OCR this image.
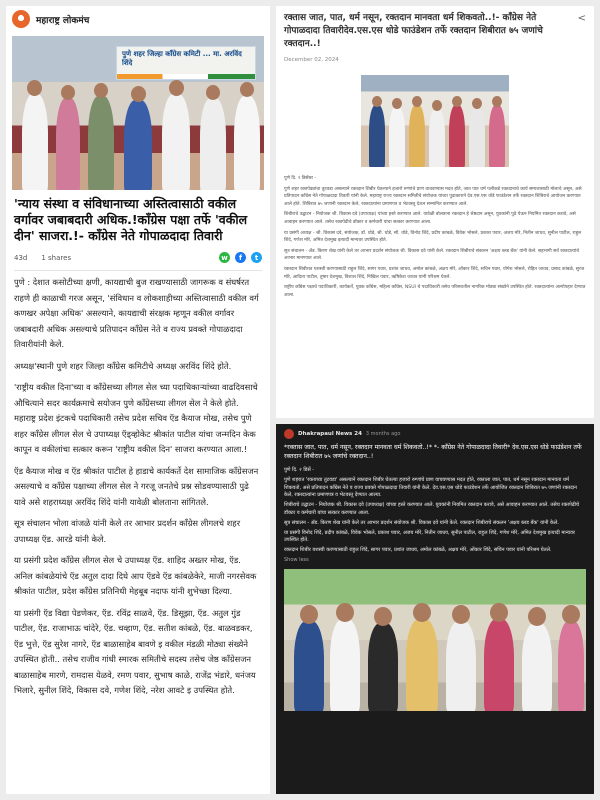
महाराष्ट्र लोकमंच
पुणे शहर जिल्हा काँग्रेस कमिटी ... मा. अरविंद शिंदे
'न्याय संस्था व संविधानाच्या अस्तित्वासाठी वकील वर्गावर जबाबदारी अधिक.!काँग्रेस पक्षा तर्फे 'वकील दीन' साजरा.!- काँग्रेस नेते गोपाळदादा तिवारी
43d 1 shares	w	f	t

पुणे : देशात कसोटीच्या क्षणी, कायद्याची बुज राखण्यासाठी जागरूक व संघर्षरत राहणे ही काळाची गरज असून, 'संविधान व लोकशाहीच्या अस्तित्वासाठी वकील वर्ग कणखर अपेक्षा अधिक' असल्याने, कायद्याची संरक्षक म्हणून वकील वर्गावर जबाबदारी अधिक असल्याचे प्रतिपादन काँग्रेस नेते व राज्य प्रवक्ते गोपाळदादा तिवारीयांनी केले.

अध्यक्ष'स्थानी पुणे शहर जिल्हा काँग्रेस कमिटीचे अध्यक्ष अरविंद शिंदे होते.

'राष्ट्रीय वकील दिना'च्या व काँग्रेसच्या लीगल सेल च्या पदाधिकाऱ्यांच्या वाढदिवसाचे औचित्याने सदर कार्यक्रमाचे सयोजन पुणे काँग्रेसच्या लीगल सेल ने केले होते. महाराष्ट्र प्रदेश इंटकचे पदाधिकारी तसेच प्रदेश सचिव ऍड कैयाज मोख, तसेच पुणे शहर काँग्रेस लीगल सेल चे उपाध्यक्ष ऍड्व्होकेट श्रीकांत पाटील यांचा जन्मदिन केक कापून व वकीलांचा सत्कार करून 'राष्ट्रीय वकील दिन' साजरा करण्यात आला.!

ऍड कैयाज मोख व ऍड श्रीकांत पाटील हे हाडाचे कार्यकर्ते देश सामाजिक कॉंग्रेसजन असल्याचे व कॉंग्रेस पक्षाच्या लीगल सेल ने गरजू जनतेचे प्रश्न सोडवण्यासाठी पुढे यावे असे शहराध्यक्ष अरविंद शिंदे यांनी यावेळी बोलताना सांगितले.

सूत्र संचालन भोला वांजळे यांनी केले तर आभार प्रदर्शन कॉंग्रेस लीगलचे शहर उपाध्यक्ष ऍड. आरडे यांनी केले.

या प्रसंगी प्रदेश कॉंग्रेस लीगल सेल चे उपाध्यक्ष ऍड. शाहिद अख्तर मोख, ऍड. अनिल कांबळेयांचे ऍड अतुल दादा दिघे आप ऍडवे ऍड कांबळेकेरे, माजी नगरसेवक श्रीकांत पाटील, प्रदेश काँग्रेस प्रतिनिधी मेहबूब नदाफ यांनी शुभेच्छा दिल्या.

या प्रसंगी ऍड विद्या पेडणेकर, ऍड. रविंद्र साळवे, ऍड. डिसूझा, ऍड. अतुल गुंड पाटील, ऍड. राजाभाऊ चांदेरे, ऍड. चव्हाण, ऍड. सतीश कांबळे, ऍड. बाळवडकर, ऍड भुत्ते, ऍड सुरेश नागरे, ऍड बाळासाहेब बावणे इ वकील मंडळी मोठ्या संख्येने उपस्थित होती.. तसेच राजीव गांधी स्मारक समितीचे सदस्य तसेच जेष्ठ कॉंग्रेसजन बाळासाहेब मारणे, रामदास येळवे, रमण पवार, सुभाष काळे, राजेंद्र भंडारे, धनंजय भिलारे, सुनील शिंदे, विकास दवे, गणेश शिंदे, नरेश आवटे इ उपस्थित होते.

रक्तास जात, पात, धर्म नसून, रक्तदान मानवता धर्म शिकवतो..!- काँग्रेस नेते गोपाळदादा तिवारीदेव.एस.एस धोडे फाउंडेशन तर्फे रक्तदान शिबीरात ७५ जणांचे रक्तदान..!
<
December 02, 2024

पुणे दि. २ डिसेंबर -

पुणे शहर रक्तपेढ्यांचा तुटवडा असल्याने रक्तदान शिबीर घेतल्याने हजारो रुग्णांचे प्राण वाचवण्यास मदत होते, जात पात धर्म पलीकडे रक्तदानाचे कार्य समाजासाठी मोलाचे असून, असे प्रतिपादन काँग्रेस नेते गोपाळदादा तिवारी यांनी केले. महाराष्ट्र राज्य रक्तदान समितीचे संयोजक यांच्या पुढाकाराने देव.एस.एस धोडे फाउंडेशन तर्फे रक्तदान शिबिराचे आयोजन करण्यात आले होते. शिबिरात ७५ जणांनी रक्तदान केले, रक्तदात्यांना प्रमाणपत्र व भेटवस्तू देऊन सन्मानित करण्यात आले.

शिबीराचे उद्घाटन - नियोजक श्री. विकास दवे (उपाध्यक्ष) यांच्या हस्ते करण्यात आले. यावेळी बोलताना रक्तदान हे श्रेष्ठदान असून, युवकांनी पुढे येऊन नियमित रक्तदान करावे, असे आवाहन करण्यात आले. तसेच रक्तपेढीचे डॉक्टर व कर्मचारी यांचा सत्कार करण्यात आला.

या प्रसंगी अध्यक्ष - श्री. विकास दवे, संयोजक, डॉ. धोडे, श्री. धोडे, सौ. धोडे, विनोद शिंदे, प्रदीप कांबळे, विवेक भोसले, प्रकाश पवार, अजय मोरे, नितीन जाधव, सुनील पाटील, राहुल शिंदे, गणेश मोरे, अमित देशमुख इत्यादी मान्यवर उपस्थित होते.

सूत्र संचालन - ॲड. किरण शेख यांनी केले तर आभार प्रदर्शन संयोजक श्री. विकास दवे यांनी केले. रक्तदान शिबीराचे संकलन 'अक्षय ब्लड बँक' यांनी केले. सहभागी सर्व रक्तदात्यांचे आभार मानण्यात आले.

रक्तदान शिबीरात यशस्वी करण्यासाठी राहुल शिंदे, सागर पवार, प्रशांत जाधव, अमोल कांबळे, अक्षय मोरे, ओंकार शिंदे, सचिन पवार, योगेश भोसले, रोहित जाधव, प्रसाद कांबळे, सुरज मोरे, आदित्य पाटील, तुषार देशमुख, विशाल शिंदे, निखिल पवार, ऋषिकेश जाधव यांनी परिश्रम घेतले.

राष्ट्रीय काँग्रेस पक्षाचे पदाधिकारी, कार्यकर्ते, युवक काँग्रेस, महिला काँग्रेस, NSUI चे पदाधिकारी तसेच परिसरातील नागरिक मोठ्या संख्येने उपस्थित होते. रक्तदात्यांना अल्पोपहार देण्यात आला.

Dhakrapaul News 24 3 months ago
*रक्तास जात, पात, धर्म नसून, रक्तदान मानवता धर्म शिकवतो..!* *- काँग्रेस नेते गोपाळदादा तिवारी* देव.एस.एस धोडे फाउंडेशन तर्फे रक्तदान शिबीरात ७५ जणांचे रक्तदान..!

पुणे दि. २ डिसें -

पुणे शहरात 'रक्ताच्या तुटवडा' असल्याने रक्तदान शिबीर घेतल्या हजारो रुग्णांचे प्राण वाचवण्यास मदत होते, रक्ताला जात, पात, धर्म नसून रक्तदान मानवता धर्म शिकवतो, असे प्रतिपादन काँग्रेस नेते व राज्य प्रवक्ते गोपाळदादा तिवारी यांनी केले. देव.एस.एस धोडे फाउंडेशन तर्फे आयोजित रक्तदान शिबिरात ७५ जणांनी रक्तदान केले, रक्तदात्यांना प्रमाणपत्र व भेटवस्तू देण्यात आल्या.

शिबीराचे उद्घाटन - नियोजक श्री. विकास दवे (उपाध्यक्ष) यांच्या हस्ते करण्यात आले. युवकांनी नियमित रक्तदान करावे, असे आवाहन करण्यात आले. तसेच रक्तपेढीचे डॉक्टर व कर्मचारी यांचा सत्कार करण्यात आला.

सूत्र संचालन - ॲड. किरण शेख यांनी केले तर आभार प्रदर्शन संयोजक श्री. विकास दवे यांनी केले. रक्तदान शिबीराचे संकलन 'अक्षय ब्लड बँक' यांनी केले.

या प्रसंगी विनोद शिंदे, प्रदीप कांबळे, विवेक भोसले, प्रकाश पवार, अजय मोरे, नितीन जाधव, सुनील पाटील, राहुल शिंदे, गणेश मोरे, अमित देशमुख इत्यादी मान्यवर उपस्थित होते.

रक्तदान शिबीर यशस्वी करण्यासाठी राहुल शिंदे, सागर पवार, प्रशांत जाधव, अमोल कांबळे, अक्षय मोरे, ओंकार शिंदे, सचिन पवार यांनी परिश्रम घेतले.

Show less
